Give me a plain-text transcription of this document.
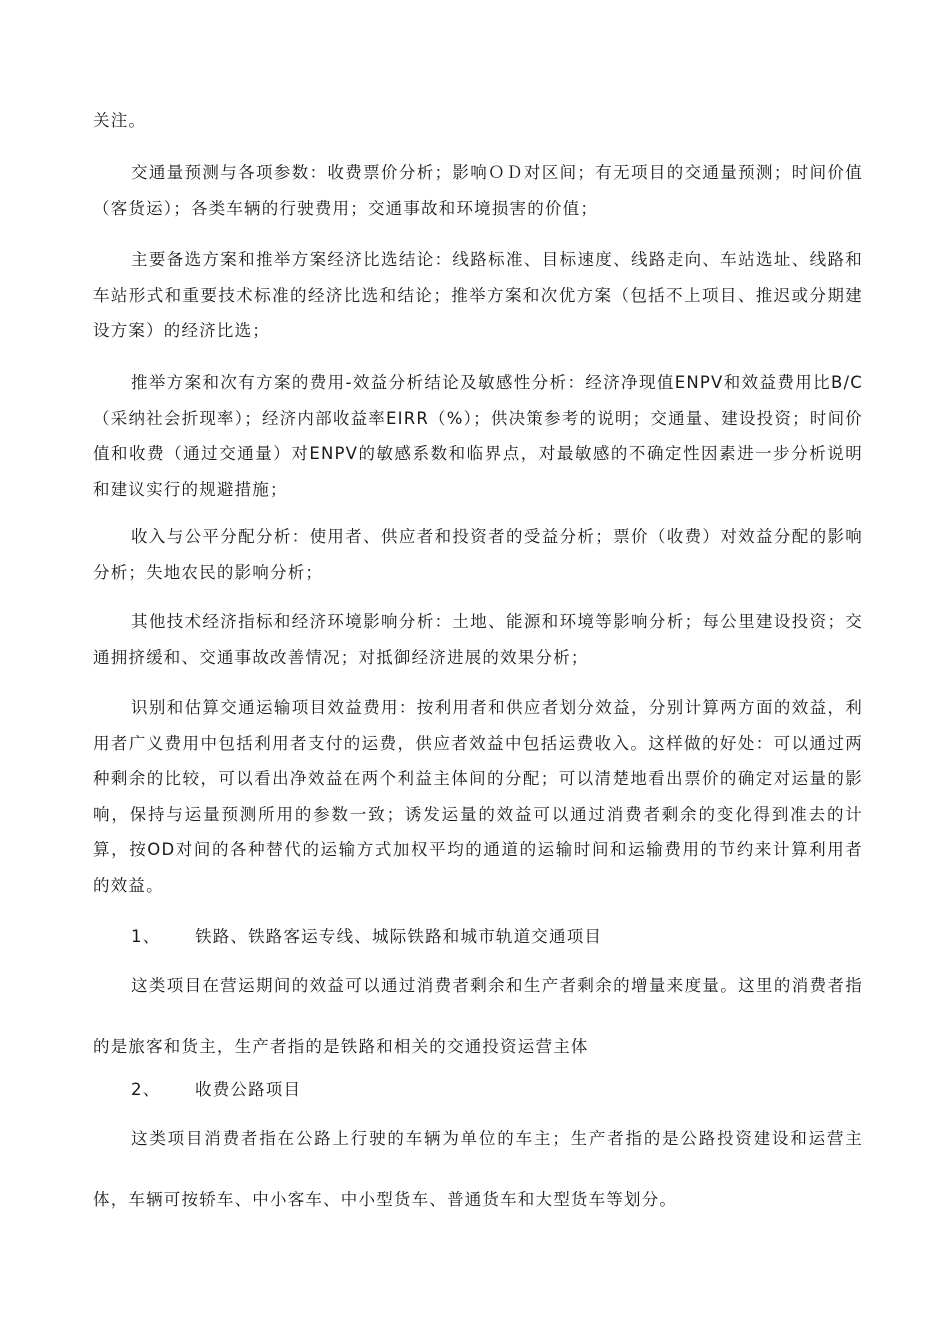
关注。

交通量预测与各项参数：收费票价分析；影响ＯＤ对区间；有无项目的交通量预测；时间价值（客货运）；各类车辆的行驶费用；交通事故和环境损害的价值；

主要备选方案和推举方案经济比选结论：线路标准、目标速度、线路走向、车站选址、线路和车站形式和重要技术标准的经济比选和结论；推举方案和次优方案（包括不上项目、推迟或分期建设方案）的经济比选；

推举方案和次有方案的费用-效益分析结论及敏感性分析：经济净现值ENPV和效益费用比B/C（采纳社会折现率）；经济内部收益率EIRR（%）；供决策参考的说明；交通量、建设投资；时间价值和收费（通过交通量）对ENPV的敏感系数和临界点，对最敏感的不确定性因素进一步分析说明和建议实行的规避措施；

收入与公平分配分析：使用者、供应者和投资者的受益分析；票价（收费）对效益分配的影响分析；失地农民的影响分析；

其他技术经济指标和经济环境影响分析：土地、能源和环境等影响分析；每公里建设投资；交通拥挤缓和、交通事故改善情况；对抵御经济进展的效果分析；

识别和估算交通运输项目效益费用：按利用者和供应者划分效益，分别计算两方面的效益，利用者广义费用中包括利用者支付的运费，供应者效益中包括运费收入。这样做的好处：可以通过两种剩余的比较，可以看出净效益在两个利益主体间的分配；可以清楚地看出票价的确定对运量的影响，保持与运量预测所用的参数一致；诱发运量的效益可以通过消费者剩余的变化得到准去的计算，按OD对间的各种替代的运输方式加权平均的通道的运输时间和运输费用的节约来计算利用者的效益。

1、 铁路、铁路客运专线、城际铁路和城市轨道交通项目

这类项目在营运期间的效益可以通过消费者剩余和生产者剩余的增量来度量。这里的消费者指的是旅客和货主，生产者指的是铁路和相关的交通投资运营主体

2、 收费公路项目

这类项目消费者指在公路上行驶的车辆为单位的车主；生产者指的是公路投资建设和运营主体，车辆可按轿车、中小客车、中小型货车、普通货车和大型货车等划分。
